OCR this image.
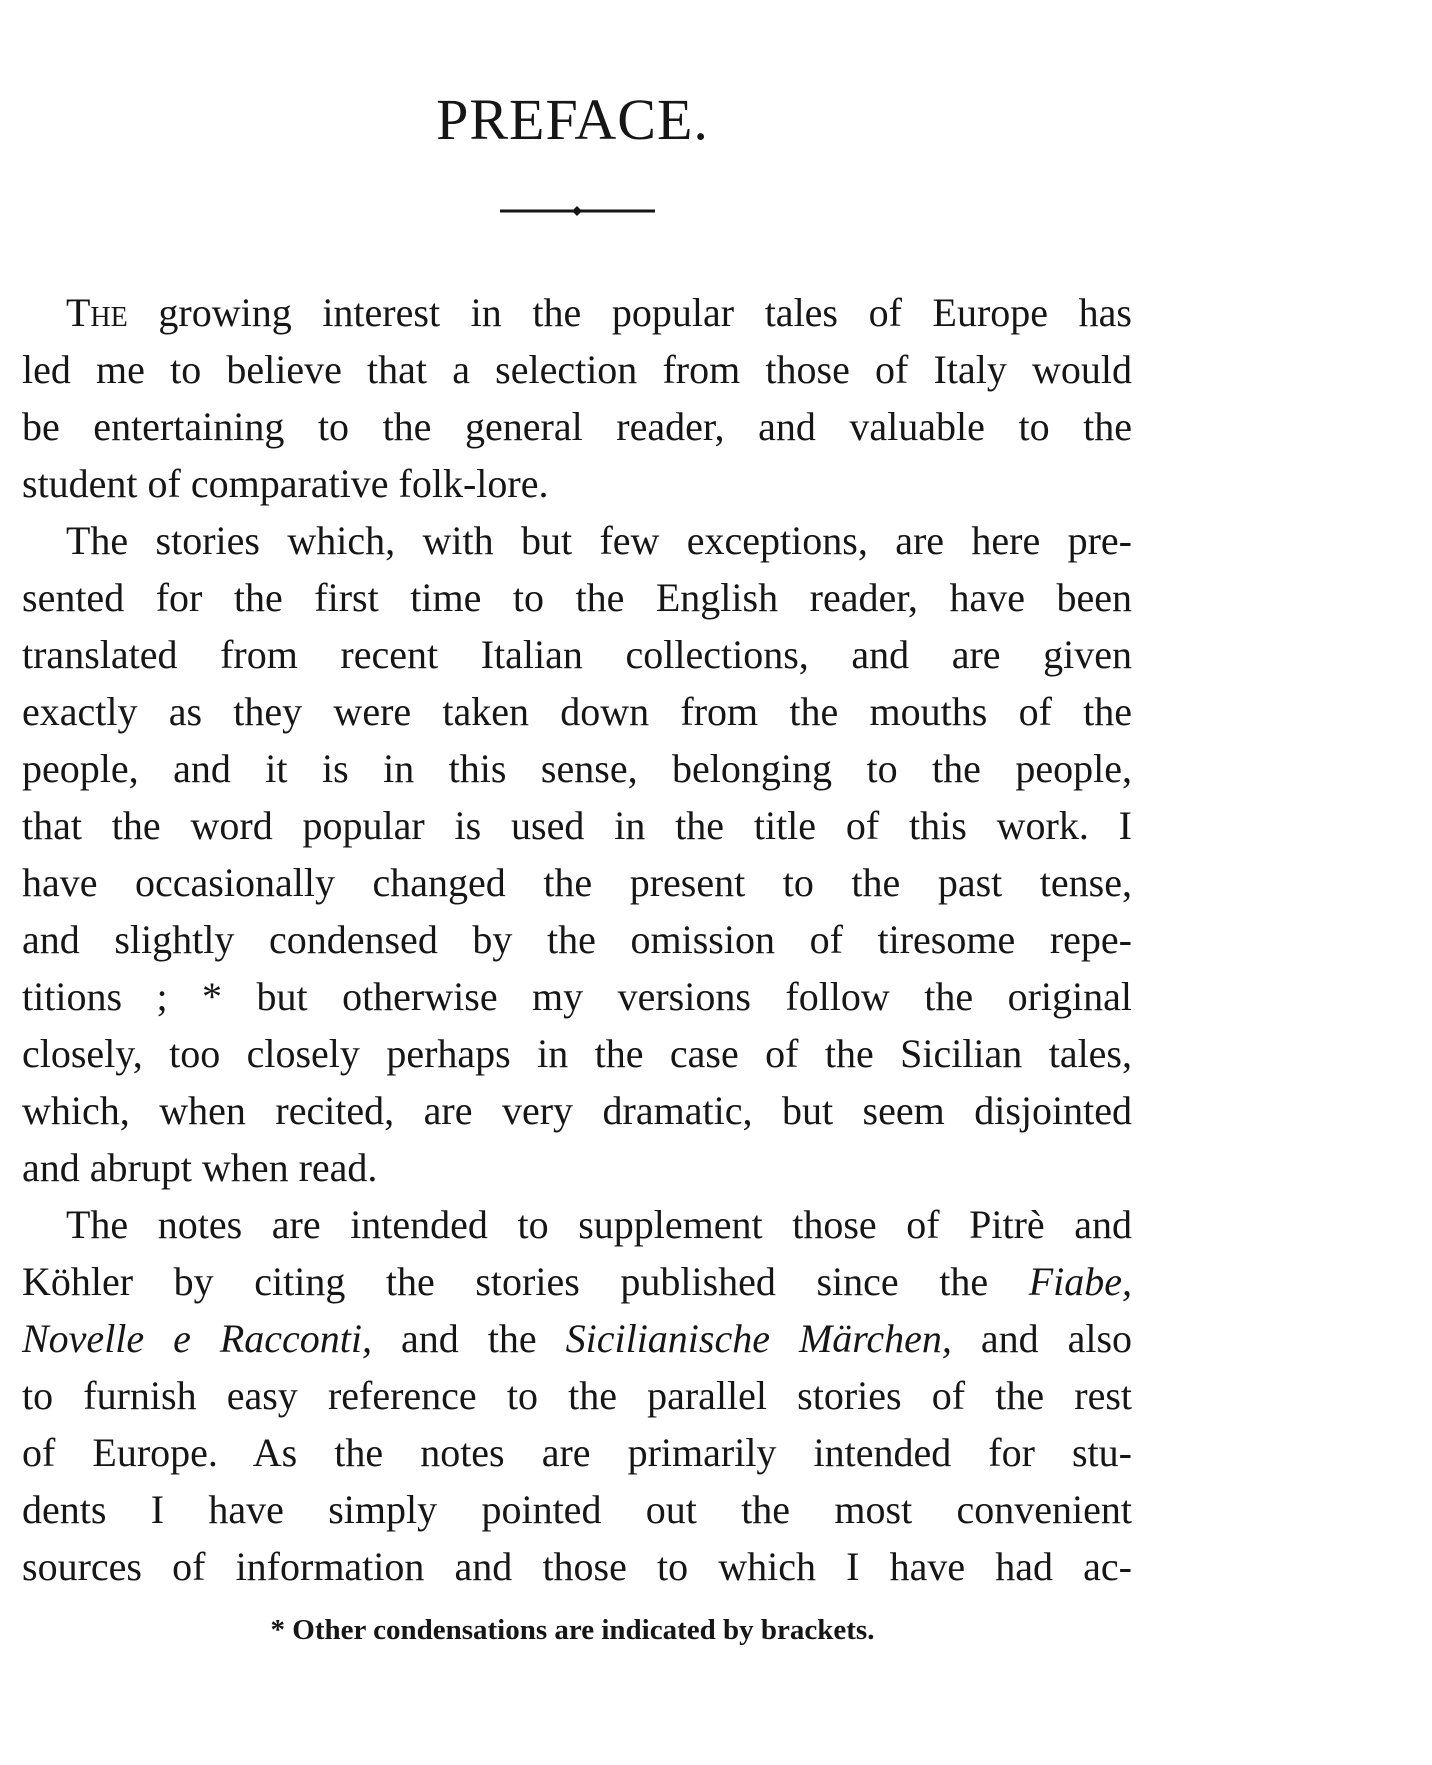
PREFACE.
The growing interest in the popular tales of Europe has
led me to believe that a selection from those of Italy would
be entertaining to the general reader, and valuable to the
student of comparative folk-lore.
The stories which, with but few exceptions, are here pre-
sented for the first time to the English reader, have been
translated from recent Italian collections, and are given
exactly as they were taken down from the mouths of the
people, and it is in this sense, belonging to the people,
that the word popular is used in the title of this work. I
have occasionally changed the present to the past tense,
and slightly condensed by the omission of tiresome repe-
titions ; * but otherwise my versions follow the original
closely, too closely perhaps in the case of the Sicilian tales,
which, when recited, are very dramatic, but seem disjointed
and abrupt when read.
The notes are intended to supplement those of Pitrè and
Köhler by citing the stories published since the Fiabe,
Novelle e Racconti, and the Sicilianische Märchen, and also
to furnish easy reference to the parallel stories of the rest
of Europe. As the notes are primarily intended for stu-
dents I have simply pointed out the most convenient
sources of information and those to which I have had ac-
* Other condensations are indicated by brackets.
